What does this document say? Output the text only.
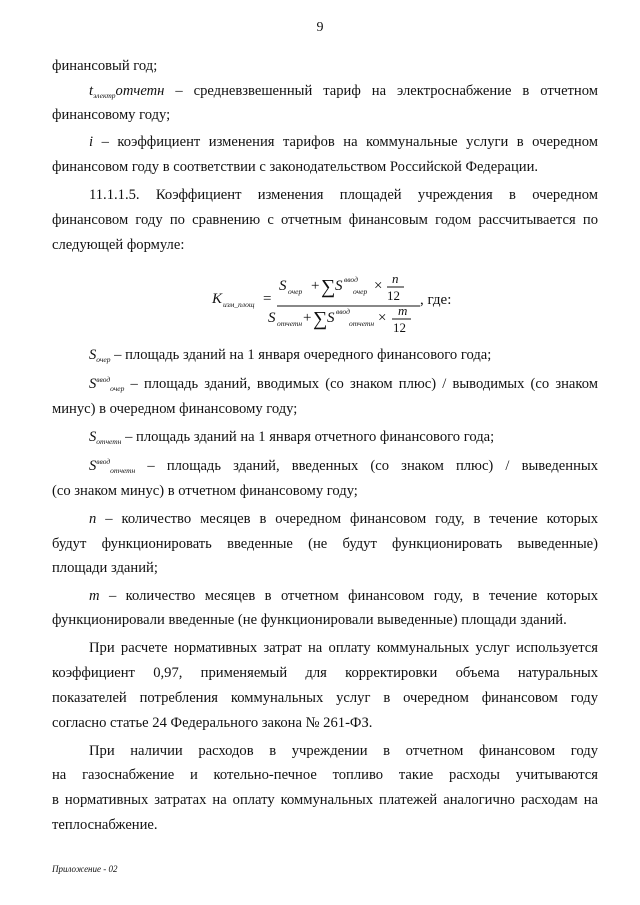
9
финансовый год;
$t_{электр}отчетн$ – средневзвешенный тариф на электроснабжение в отчетном
финансовому году;
i – коэффициент изменения тарифов на коммунальные услуги в очередном
финансовом году в соответствии с законодательством Российской Федерации.
11.1.1.5. Коэффициент изменения площадей учреждения в очередном
финансовом году по сравнению с отчетным финансовым годом рассчитывается по
следующей формуле:
K изм_площ =
S очер + ∑ S ввод
очер × n
12
S отчетн + ∑ S ввод
отчетн × m
12
, где:
$S_{очер}$ – площадь зданий на 1 января очередного финансового года;
$S^{ввод}_{очер}$ – площадь зданий, вводимых (со знаком плюс) / выводимых (со знаком
минус) в очередном финансовому году;
$S_{отчетн}$ – площадь зданий на 1 января отчетного финансового года;
$S^{ввод}_{отчетн}$ – площадь зданий, введенных (со знаком плюс) / выведенных
(со знаком минус) в отчетном финансовому году;
n – количество месяцев в очередном финансовом году, в течение которых
будут функционировать введенные (не будут функционировать выведенные)
площади зданий;
m – количество месяцев в отчетном финансовом году, в течение которых
функционировали введенные (не функционировали выведенные) площади зданий.
При расчете нормативных затрат на оплату коммунальных услуг используется
коэффициент 0,97, применяемый для корректировки объема натуральных
показателей потребления коммунальных услуг в очередном финансовом году
согласно статье 24 Федерального закона № 261-ФЗ.
При наличии расходов в учреждении в отчетном финансовом году
на газоснабжение и котельно-печное топливо такие расходы учитываются
в нормативных затратах на оплату коммунальных платежей аналогично расходам на
теплоснабжение.
Приложение - 02
